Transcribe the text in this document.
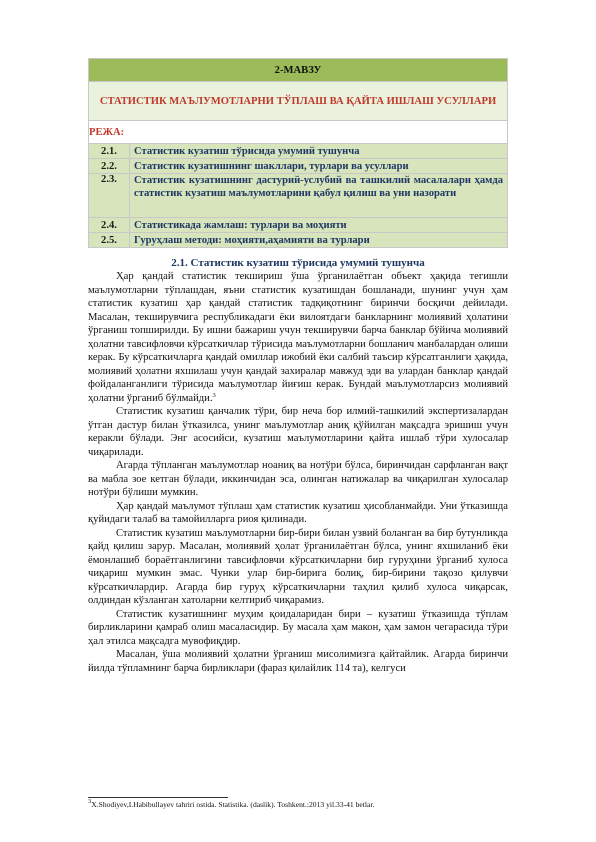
2-МАВЗУ	
СТАТИСТИК МАЪЛУМОТЛАРНИ ТЎПЛАШ ВА ҚАЙТА ИШЛАШ УСУЛЛАРИ	
РЕЖА:	
2.1.	Статистик кузатиш тўрисида умумий тушунча
2.2.	Статистик кузатишнинг шакллари, турлари ва усуллари
2.3.	Статистик кузатишнинг дастурий-услубий ва ташкилий масалалари ҳамда статистик кузатиш маълумотларини қабул қилиш ва уни назорати
2.4.	Статистикада жамлаш: турлари ва моҳияти
2.5.	Гуруҳлаш методи: моҳияти,аҳамияти ва турлари
2.1. Статистик кузатиш тўрисида умумий тушунча

Ҳар қандай статистик текшириш ўша ўрганилаётган объект ҳақида тегишли маълумотларни тўплашдан, яъни статистик кузатишдан бошланади, шунинг учун ҳам статистик кузатиш ҳар қандай статистик тадқиқотнинг биринчи босқичи дейилади. Масалан, текширувчига республикадаги ёки вилоятдаги банкларнинг молиявий ҳолатини ўрганиш топширилди. Бу ишни бажариш учун текширувчи барча банклар бўйича молиявий ҳолатни тавсифловчи кўрсаткичлар тўрисида маълумотларни бошланич манбалардан олиши керак. Бу кўрсаткичларга қандай омиллар ижобий ёки салбий таъсир кўрсатганлиги ҳақида, молиявий ҳолатни яхшилаш учун қандай захиралар мавжуд эди ва улардан банклар қандай фойдаланганлиги тўрисида маълумотлар йиғиш керак. Бундай маълумотларсиз молиявий ҳолатни ўрганиб бўлмайди.$^3$

Статистик кузатиш қанчалик тўри, бир неча бор илмий-ташкилий экспертизалардан ўтган дастур билан ўтказилса, унинг маълумотлар аниқ қўйилган мақсадга эришиш учун керакли бўлади. Энг асосийси, кузатиш маълумотларини қайта ишлаб тўри хулосалар чиқарилади.

Агарда тўпланган маълумотлар ноаниқ ва нотўри бўлса, биринчидан сарфланган вақт ва мабла зое кетган бўлади, иккинчидан эса, олинган натижалар ва чиқарилган хулосалар нотўри бўлиши мумкин.

Ҳар қандай маълумот тўплаш ҳам статистик кузатиш ҳисобланмайди. Уни ўтказишда қуйидаги талаб ва тамойилларга риоя қилинади.

Статистик кузатиш маълумотларни бир-бири билан узвий боланган ва бир бутунликда қайд қилиш зарур. Масалан, молиявий ҳолат ўрганилаётган бўлса, унинг яхшиланиб ёки ёмонлашиб бораётганлигини тавсифловчи кўрсаткичларни бир гуруҳини ўрганиб хулоса чиқариш мумкин эмас. Чунки улар бир-бирига болиқ, бир-бирини тақозо қилувчи кўрсаткичлардир. Агарда бир гуруҳ кўрсаткичларни таҳлил қилиб хулоса чиқарсак, олдиндан кўзланган хатоларни келтириб чиқарамиз.

Статистик кузатишнинг муҳим қоидаларидан бири – кузатиш ўтказишда тўплам бирликларини қамраб олиш масаласидир. Бу масала ҳам макон, ҳам замон чегарасида тўри ҳал этилса мақсадга мувофиқдир.

Масалан, ўша молиявий ҳолатни ўрганиш мисолимизга қайтайлик. Агарда биринчи йилда тўпламнинг барча бирликлари (фараз қилайлик 114 та), келгуси

$^3$X.Shodiyev,I.Habibullayev tahriri ostida. Statistika. (daslik). Toshkent.:2013 yil.33-41 betlar.
